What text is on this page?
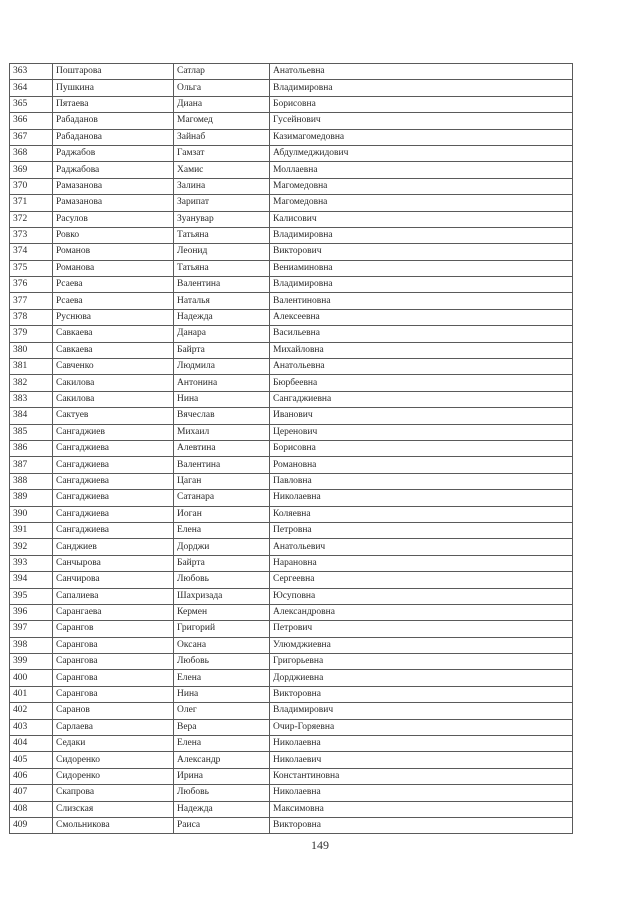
363	Поштарова	Сатлар	Анатольевна
364	Пушкина	Ольга	Владимировна
365	Пятаева	Диана	Борисовна
366	Рабаданов	Магомед	Гусейнович
367	Рабаданова	Зайнаб	Казимагомедовна
368	Раджабов	Гамзат	Абдулмеджидович
369	Раджабова	Хамис	Моллаевна
370	Рамазанова	Залина	Магомедовна
371	Рамазанова	Зарипат	Магомедовна
372	Расулов	Зуанувар	Калисович
373	Ровко	Татьяна	Владимировна
374	Романов	Леонид	Викторович
375	Романова	Татьяна	Вениаминовна
376	Рсаева	Валентина	Владимировна
377	Рсаева	Наталья	Валентиновна
378	Руснюва	Надежда	Алексеевна
379	Савкаева	Данара	Васильевна
380	Савкаева	Байрта	Михайловна
381	Савченко	Людмила	Анатольевна
382	Сакилова	Антонина	Бюрбеевна
383	Сакилова	Нина	Сангаджиевна
384	Сактуев	Вячеслав	Иванович
385	Сангаджиев	Михаил	Церенович
386	Сангаджиева	Алевтина	Борисовна
387	Сангаджиева	Валентина	Романовна
388	Сангаджиева	Цаган	Павловна
389	Сангаджиева	Сатанара	Николаевна
390	Сангаджиева	Иоган	Коляевна
391	Сангаджиева	Елена	Петровна
392	Санджиев	Дорджи	Анатольевич
393	Санчырова	Байрта	Нарановна
394	Санчирова	Любовь	Сергеевна
395	Сапалиева	Шахризада	Юсуповна
396	Сарангаева	Кермен	Александровна
397	Сарангов	Григорий	Петрович
398	Сарангова	Оксана	Улюмджиевна
399	Сарангова	Любовь	Григорьевна
400	Сарангова	Елена	Дорджиевна
401	Сарангова	Нина	Викторовна
402	Саранов	Олег	Владимирович
403	Сарлаева	Вера	Очир-Горяевна
404	Седаки	Елена	Николаевна
405	Сидоренко	Александр	Николаевич
406	Сидоренко	Ирина	Константиновна
407	Скапрова	Любовь	Николаевна
408	Слизская	Надежда	Максимовна
409	Смольникова	Раиса	Викторовна
149
